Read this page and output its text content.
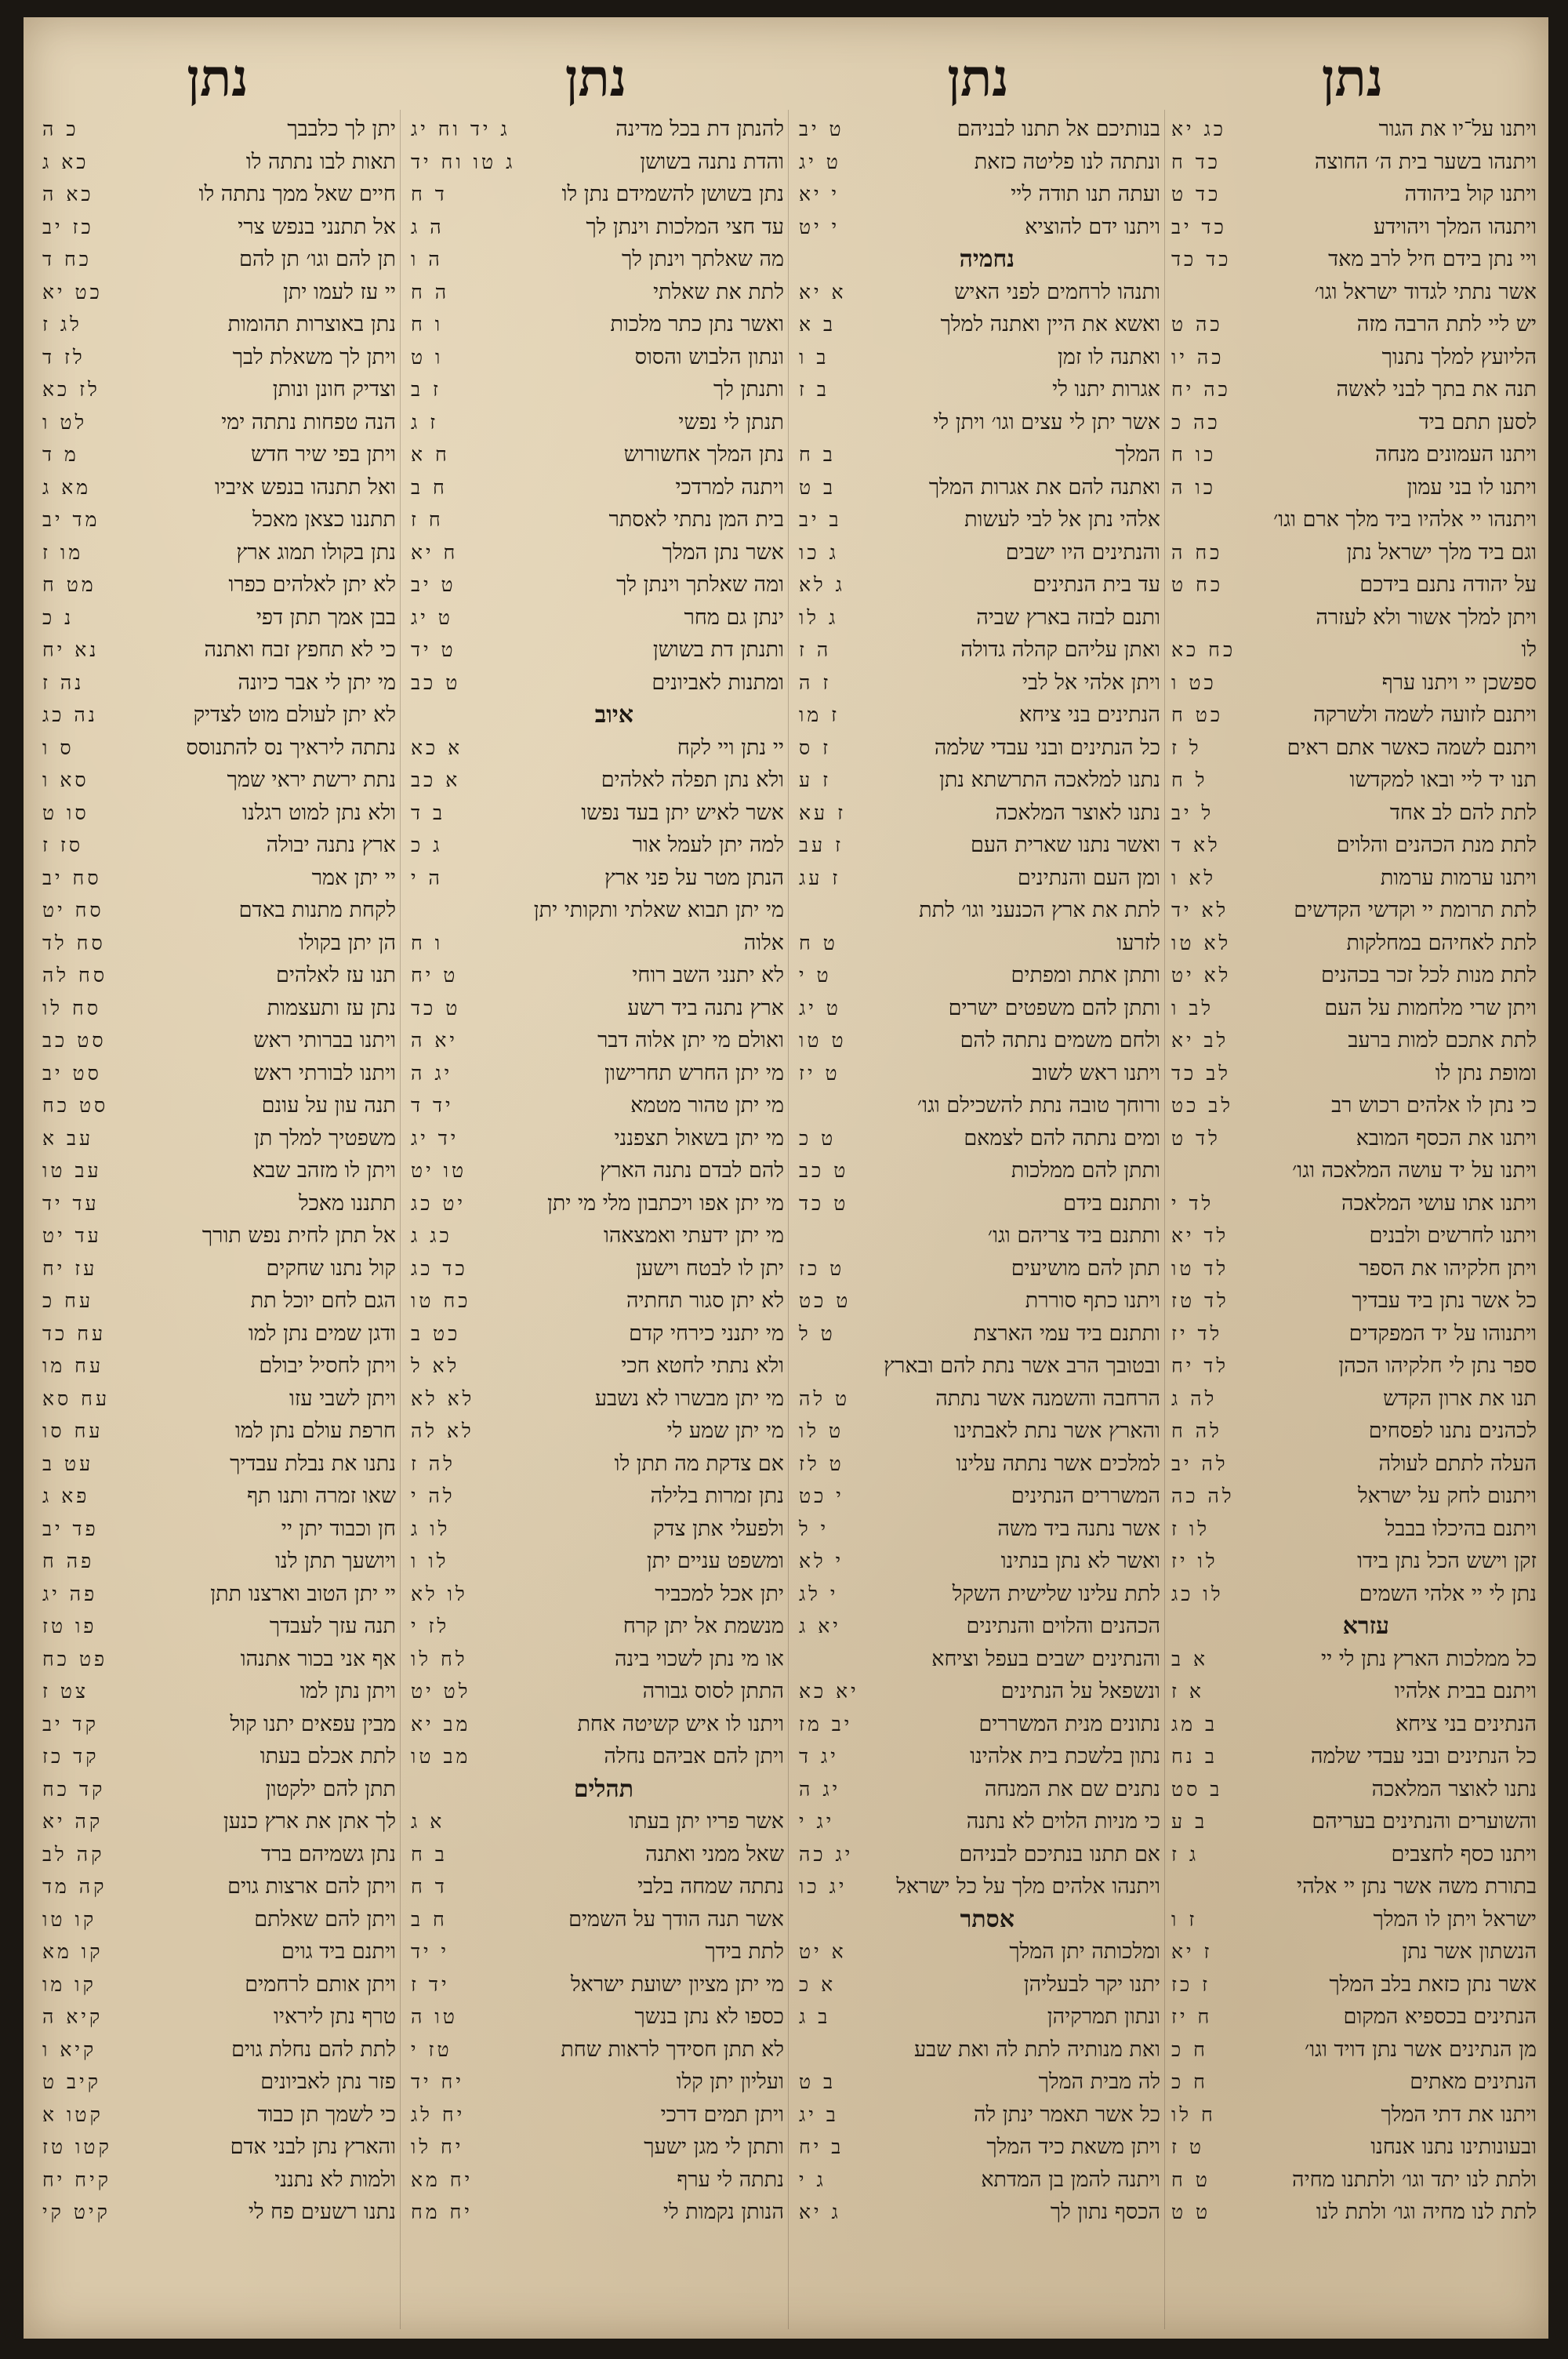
נתן
ויתנו על־יו את הגור
כג יא
ויתנהו בשער בית ה׳ החוצה
כד ח
ויתנו קול ביהודה
כד ט
ויתנהו המלך ויהוידע
כד יב
ויי נתן בידם חיל לרב מאד
כד כד
אשר נתתי לגדוד ישראל וגו׳
יש ליי לתת הרבה מזה
כה ט
הליועץ למלך נתנוך
כה יו
תנה את בתך לבני לאשה
כה יח
לסען תתם ביד
כה כ
ויתנו העמונים מנחה
כו ח
ויתנו לו בני עמון
כו ה
ויתנהו יי אלהיו ביד מלך ארם וגו׳
וגם ביד מלך ישראל נתן
כח ה
על יהודה נתנם בידכם
כח ט
ויתן למלך אשור ולא לעזרה
לו
כח כא
ספשכן יי ויתנו ערף
כט ו
ויתנם לזועה לשמה ולשרקה
כט ח
ויתנם לשמה כאשר אתם ראים
ל ז
תנו יד ליי ובאו למקדשו
ל ח
לתת להם לב אחד
ל יב
לתת מנת הכהנים והלוים
לא ד
ויתנו ערמות ערמות
לא ו
לתת תרומת יי וקדשי הקדשים
לא יד
לתת לאחיהם במחלקות
לא טו
לתת מנות לכל זכר בכהנים
לא יט
ויתן שרי מלחמות על העם
לב ו
לתת אתכם למות ברעב
לב יא
ומופת נתן לו
לב כד
כי נתן לו אלהים רכוש רב
לב כט
ויתנו את הכסף המובא
לד ט
ויתנו על יד עושה המלאכה וגו׳
ויתנו אתו עושי המלאכה
לד י
ויתנו לחרשים ולבנים
לד יא
ויתן חלקיהו את הספר
לד טו
כל אשר נתן ביד עבדיך
לד טז
ויתנוהו על יד המפקדים
לד יז
ספר נתן לי חלקיהו הכהן
לד יח
תנו את ארון הקדש
לה ג
לכהנים נתנו לפסחים
לה ח
העלה לתתם לעולה
לה יב
ויתנום לחק על ישראל
לה כה
ויתנם בהיכלו בבבל
לו ז
זקן וישש הכל נתן בידו
לו יז
נתן לי יי אלהי השמים
לו כג
עזרא
כל ממלכות הארץ נתן לי יי
א ב
ויתנם בבית אלהיו
א ז
הנתינים בני ציחא
ב מג
כל הנתינים ובני עבדי שלמה
ב נח
נתנו לאוצר המלאכה
ב סט
והשוערים והנתינים בעריהם
ב ע
ויתנו כסף לחצבים
ג ז
בתורת משה אשר נתן יי אלהי
ישראל ויתן לו המלך
ז ו
הנשתון אשר נתן
ז יא
אשר נתן כזאת בלב המלך
ז כז
הנתינים בכספיא המקום
ח יז
מן הנתינים אשר נתן דויד וגו׳
ח כ
הנתינים מאתים
ח כ
ויתנו את דתי המלך
ח לו
ובעונותינו נתנו אנחנו
ט ז
ולתת לנו יתד וגו׳ ולתתנו מחיה
ט ח
לתת לנו מחיה וגו׳ ולתת לנו
ט ט
נתן
בנותיכם אל תתנו לבניהם
ט יב
ונתתה לנו פליטה כזאת
ט יג
ועתה תנו תודה ליי
י יא
ויתנו ידם להוציא
י יט
נחמיה
ותנהו לרחמים לפני האיש
א יא
ואשא את היין ואתנה למלך
ב א
ואתנה לו זמן
ב ו
אגרות יתנו לי
ב ז
אשר יתן לי עצים וגו׳ ויתן לי
המלך
ב ח
ואתנה להם את אגרות המלך
ב ט
אלהי נתן אל לבי לעשות
ב יב
והנתינים היו ישבים
ג כו
עד בית הנתינים
ג לא
ותנם לבזה בארץ שביה
ג לו
ואתן עליהם קהלה גדולה
ה ז
ויתן אלהי אל לבי
ז ה
הנתינים בני ציחא
ז מו
כל הנתינים ובני עבדי שלמה
ז ס
נתנו למלאכה התרשתא נתן
ז ע
נתנו לאוצר המלאכה
ז עא
ואשר נתנו שארית העם
ז עב
ומן העם והנתינים
ז עג
לתת את ארץ הכנעני וגו׳ לתת
לזרעו
ט ח
ותתן אתת ומפתים
ט י
ותתן להם משפטים ישרים
ט יג
ולחם משמים נתתה להם
ט טו
ויתנו ראש לשוב
ט יז
ורוחך טובה נתת להשכילם וגו׳
ומים נתתה להם לצמאם
ט כ
ותתן להם ממלכות
ט כב
ותתנם בידם
ט כד
ותתנם ביד צריהם וגו׳
תתן להם מושיעים
ט כז
ויתנו כתף סוררת
ט כט
ותתנם ביד עמי הארצת
ט ל
ובטובך הרב אשר נתת להם ובארץ
הרחבה והשמנה אשר נתתה
ט לה
והארץ אשר נתת לאבתינו
ט לו
למלכים אשר נתתה עלינו
ט לז
המשררים הנתינים
י כט
אשר נתנה ביד משה
י ל
ואשר לא נתן בנתינו
י לא
לתת עלינו שלישית השקל
י לג
הכהנים והלוים והנתינים
יא ג
והנתינים ישבים בעפל וציחא
ונשפאל על הנתינים
יא כא
נתונים מנית המשררים
יב מז
נתון בלשכת בית אלהינו
יג ד
נתנים שם את המנחה
יג ה
כי מניות הלוים לא נתנה
יג י
אם תתנו בנתיכם לבניהם
יג כה
ויתנהו אלהים מלך על כל ישראל
יג כו
אסתר
ומלכותה יתן המלך
א יט
יתנו יקר לבעליהן
א כ
ונתון תמרקיהן
ב ג
ואת מנותיה לתת לה ואת שבע
לה מבית המלך
ב ט
כל אשר תאמר ינתן לה
ב יג
ויתן משאת כיד המלך
ב יח
ויתנה להמן בן המדתא
ג י
הכסף נתון לך
ג יא
נתן
להנתן דת בכל מדינה
ג יד וח יג
והדת נתנה בשושן
ג טו וח יד
נתן בשושן להשמידם נתן לו
ד ח
עד חצי המלכות וינתן לך
ה ג
מה שאלתך וינתן לך
ה ו
לתת את שאלתי
ה ח
ואשר נתן כתר מלכות
ו ח
ונתון הלבוש והסוס
ו ט
ותנתן לך
ז ב
תנתן לי נפשי
ז ג
נתן המלך אחשורוש
ח א
ויתנה למרדכי
ח ב
בית המן נתתי לאסתר
ח ז
אשר נתן המלך
ח יא
ומה שאלתך וינתן לך
ט יב
ינתן גם מחר
ט יג
ותנתן דת בשושן
ט יד
ומתנות לאביונים
ט כב
איוב
יי נתן ויי לקח
א כא
ולא נתן תפלה לאלהים
א כב
אשר לאיש יתן בעד נפשו
ב ד
למה יתן לעמל אור
ג כ
הנתן מטר על פני ארץ
ה י
מי יתן תבוא שאלתי ותקותי יתן
אלוה
ו ח
לא יתנני השב רוחי
ט יח
ארץ נתנה ביד רשע
ט כד
ואולם מי יתן אלוה דבר
יא ה
מי יתן החרש תחרישון
יג ה
מי יתן טהור מטמא
יד ד
מי יתן בשאול תצפנני
יד יג
להם לבדם נתנה הארץ
טו יט
מי יתן אפו ויכתבון מלי מי יתן
יט כג
מי יתן ידעתי ואמצאהו
כג ג
יתן לו לבטח וישען
כד כג
לא יתן סגור תחתיה
כח טו
מי יתנני כירחי קדם
כט ב
ולא נתתי לחטא חכי
לא ל
מי יתן מבשרו לא נשבע
לא לא
מי יתן שמע לי
לא לה
אם צדקת מה תתן לו
לה ז
נתן זמרות בלילה
לה י
ולפעלי אתן צדק
לו ג
ומשפט עניים יתן
לו ו
יתן אכל למכביר
לו לא
מנשמת אל יתן קרח
לז י
או מי נתן לשכוי בינה
לח לו
התתן לסוס גבורה
לט יט
ויתנו לו איש קשיטה אחת
מב יא
ויתן להם אביהם נחלה
מב טו
תהלים
אשר פריו יתן בעתו
א ג
שאל ממני ואתנה
ב ח
נתתה שמחה בלבי
ד ח
אשר תנה הודך על השמים
ח ב
לתת בידך
י יד
מי יתן מציון ישועת ישראל
יד ז
כספו לא נתן בנשך
טו ה
לא תתן חסידך לראות שחת
טז י
ועליון יתן קלו
יח יד
ויתן תמים דרכי
יח לג
ותתן לי מגן ישעך
יח לו
נתתה לי ערף
יח מא
הנותן נקמות לי
יח מח
נתן
יתן לך כלבבך
כ ה
תאות לבו נתתה לו
כא ג
חיים שאל ממך נתתה לו
כא ה
אל תתנני בנפש צרי
כז יב
תן להם וגו׳ תן להם
כח ד
יי עז לעמו יתן
כט יא
נתן באוצרות תהומות
לג ז
ויתן לך משאלת לבך
לז ד
וצדיק חונן ונותן
לז כא
הנה טפחות נתתה ימי
לט ו
ויתן בפי שיר חדש
מ ד
ואל תתנהו בנפש איביו
מא ג
תתננו כצאן מאכל
מד יב
נתן בקולו תמוג ארץ
מו ז
לא יתן לאלהים כפרו
מט ח
בבן אמך תתן דפי
נ כ
כי לא תחפץ זבח ואתנה
נא יח
מי יתן לי אבר כיונה
נה ז
לא יתן לעולם מוט לצדיק
נה כג
נתתה ליראיך נס להתנוסס
ס ו
נתת ירשת יראי שמך
סא ו
ולא נתן למוט רגלנו
סו ט
ארץ נתנה יבולה
סז ז
יי יתן אמר
סח יב
לקחת מתנות באדם
סח יט
הן יתן בקולו
סח לד
תנו עז לאלהים
סח לה
נתן עז ותעצמות
סח לו
ויתנו בברותי ראש
סט כב
ויתנו לבורתי ראש
סט יב
תנה עון על עונם
סט כח
משפטיך למלך תן
עב א
ויתן לו מזהב שבא
עב טו
תתננו מאכל
עד יד
אל תתן לחית נפש תורך
עד יט
קול נתנו שחקים
עז יח
הגם לחם יוכל תת
עח כ
ודגן שמים נתן למו
עח כד
ויתן לחסיל יבולם
עח מו
ויתן לשבי עזו
עח סא
חרפת עולם נתן למו
עח סו
נתנו את נבלת עבדיך
עט ב
שאו זמרה ותנו תף
פא ג
חן וכבוד יתן יי
פד יב
ויושעך תתן לנו
פה ח
יי יתן הטוב וארצנו תתן
פה יג
תנה עזך לעבדך
פו טז
אף אני בכור אתנהו
פט כח
ויתן נתן למו
צט ז
מבין עפאים יתנו קול
קד יב
לתת אכלם בעתו
קד כז
תתן להם ילקטון
קד כח
לך אתן את ארץ כנען
קה יא
נתן גשמיהם ברד
קה לב
ויתן להם ארצות גוים
קה מד
ויתן להם שאלתם
קו טו
ויתנם ביד גוים
קו מא
ויתן אותם לרחמים
קו מו
טרף נתן ליראיו
קיא ה
לתת להם נחלת גוים
קיא ו
פזר נתן לאביונים
קיב ט
כי לשמך תן כבוד
קטו א
והארץ נתן לבני אדם
קטו טז
ולמות לא נתנני
קיח יח
נתנו רשעים פח לי
קיט קי
